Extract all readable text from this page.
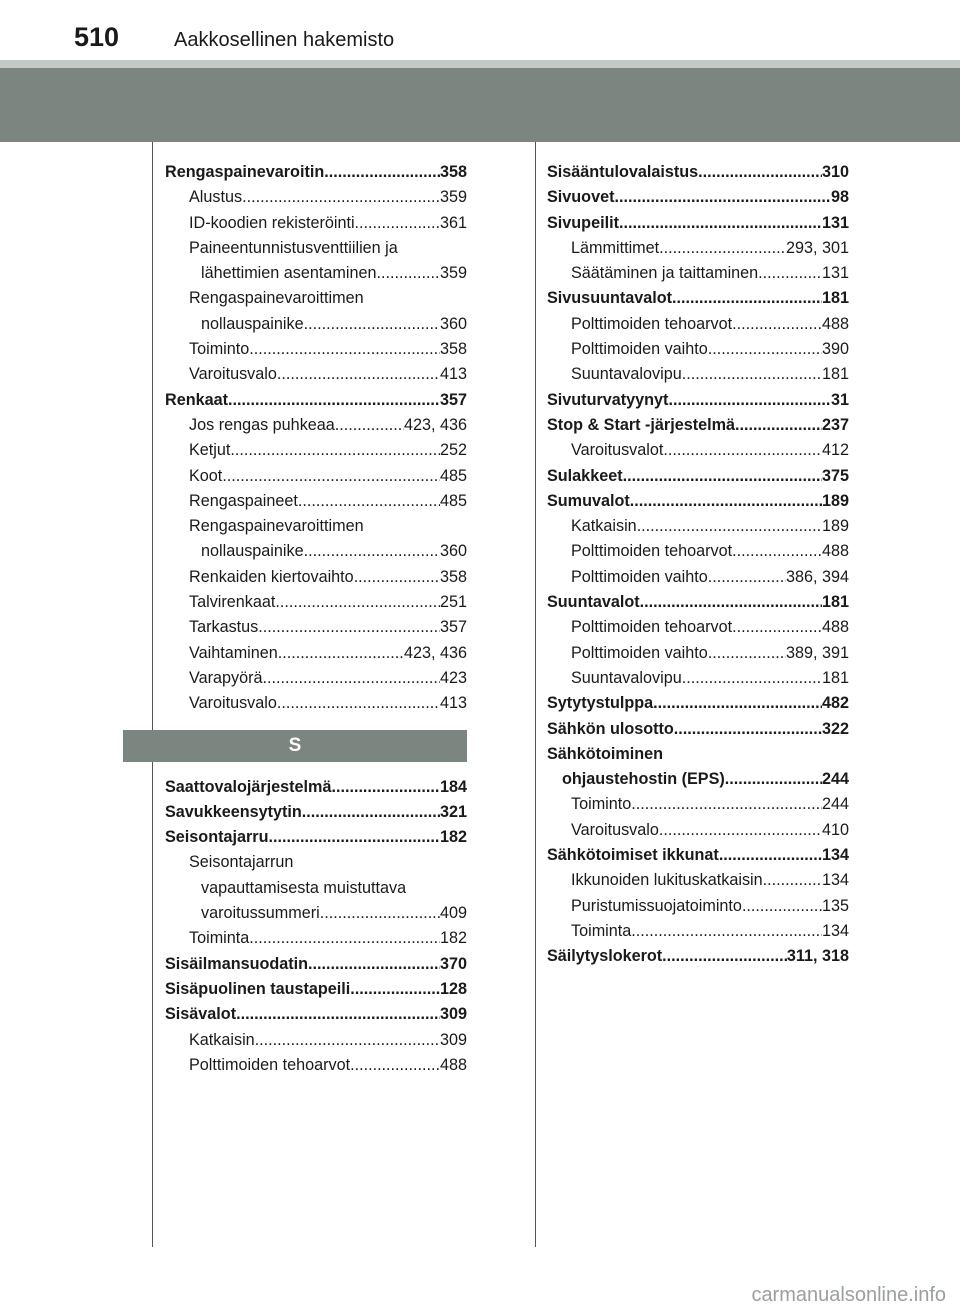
510	Aakkosellinen hakemisto
Rengaspainevaroitin .....	358
Alustus .....	359
ID-koodien rekisteröinti .....	361
Paineentunnistusventtiilien ja
lähettimien asentaminen .....	359
Rengaspainevaroittimen
nollauspainike .....	360
Toiminto .....	358
Varoitusvalo .....	413
Renkaat .....	357
Jos rengas puhkeaa .....	423, 436
Ketjut .....	252
Koot .....	485
Rengaspaineet .....	485
Rengaspainevaroittimen
nollauspainike .....	360
Renkaiden kiertovaihto .....	358
Talvirenkaat .....	251
Tarkastus .....	357
Vaihtaminen .....	423, 436
Varapyörä .....	423
Varoitusvalo .....	413
S
Saattovalojärjestelmä .....	184
Savukkeensytytin .....	321
Seisontajarru .....	182
Seisontajarrun
vapauttamisesta muistuttava
varoitussummeri .....	409
Toiminta .....	182
Sisäilmansuodatin .....	370
Sisäpuolinen taustapeili .....	128
Sisävalot .....	309
Katkaisin .....	309
Polttimoiden tehoarvot .....	488
Sisääntulovalaistus .....	310
Sivuovet .....	98
Sivupeilit .....	131
Lämmittimet .....	293, 301
Säätäminen ja taittaminen .....	131
Sivusuuntavalot .....	181
Polttimoiden tehoarvot .....	488
Polttimoiden vaihto .....	390
Suuntavalovipu .....	181
Sivuturvatyynyt .....	31
Stop & Start -järjestelmä .....	237
Varoitusvalot .....	412
Sulakkeet .....	375
Sumuvalot .....	189
Katkaisin .....	189
Polttimoiden tehoarvot .....	488
Polttimoiden vaihto .....	386, 394
Suuntavalot .....	181
Polttimoiden tehoarvot .....	488
Polttimoiden vaihto .....	389, 391
Suuntavalovipu .....	181
Sytytystulppa .....	482
Sähkön ulosotto .....	322
Sähkötoiminen
ohjaustehostin (EPS) .....	244
Toiminto .....	244
Varoitusvalo .....	410
Sähkötoimiset ikkunat .....	134
Ikkunoiden lukituskatkaisin .....	134
Puristumissuojatoiminto .....	135
Toiminta .....	134
Säilytyslokerot .....	311, 318
carmanualsonline.info
